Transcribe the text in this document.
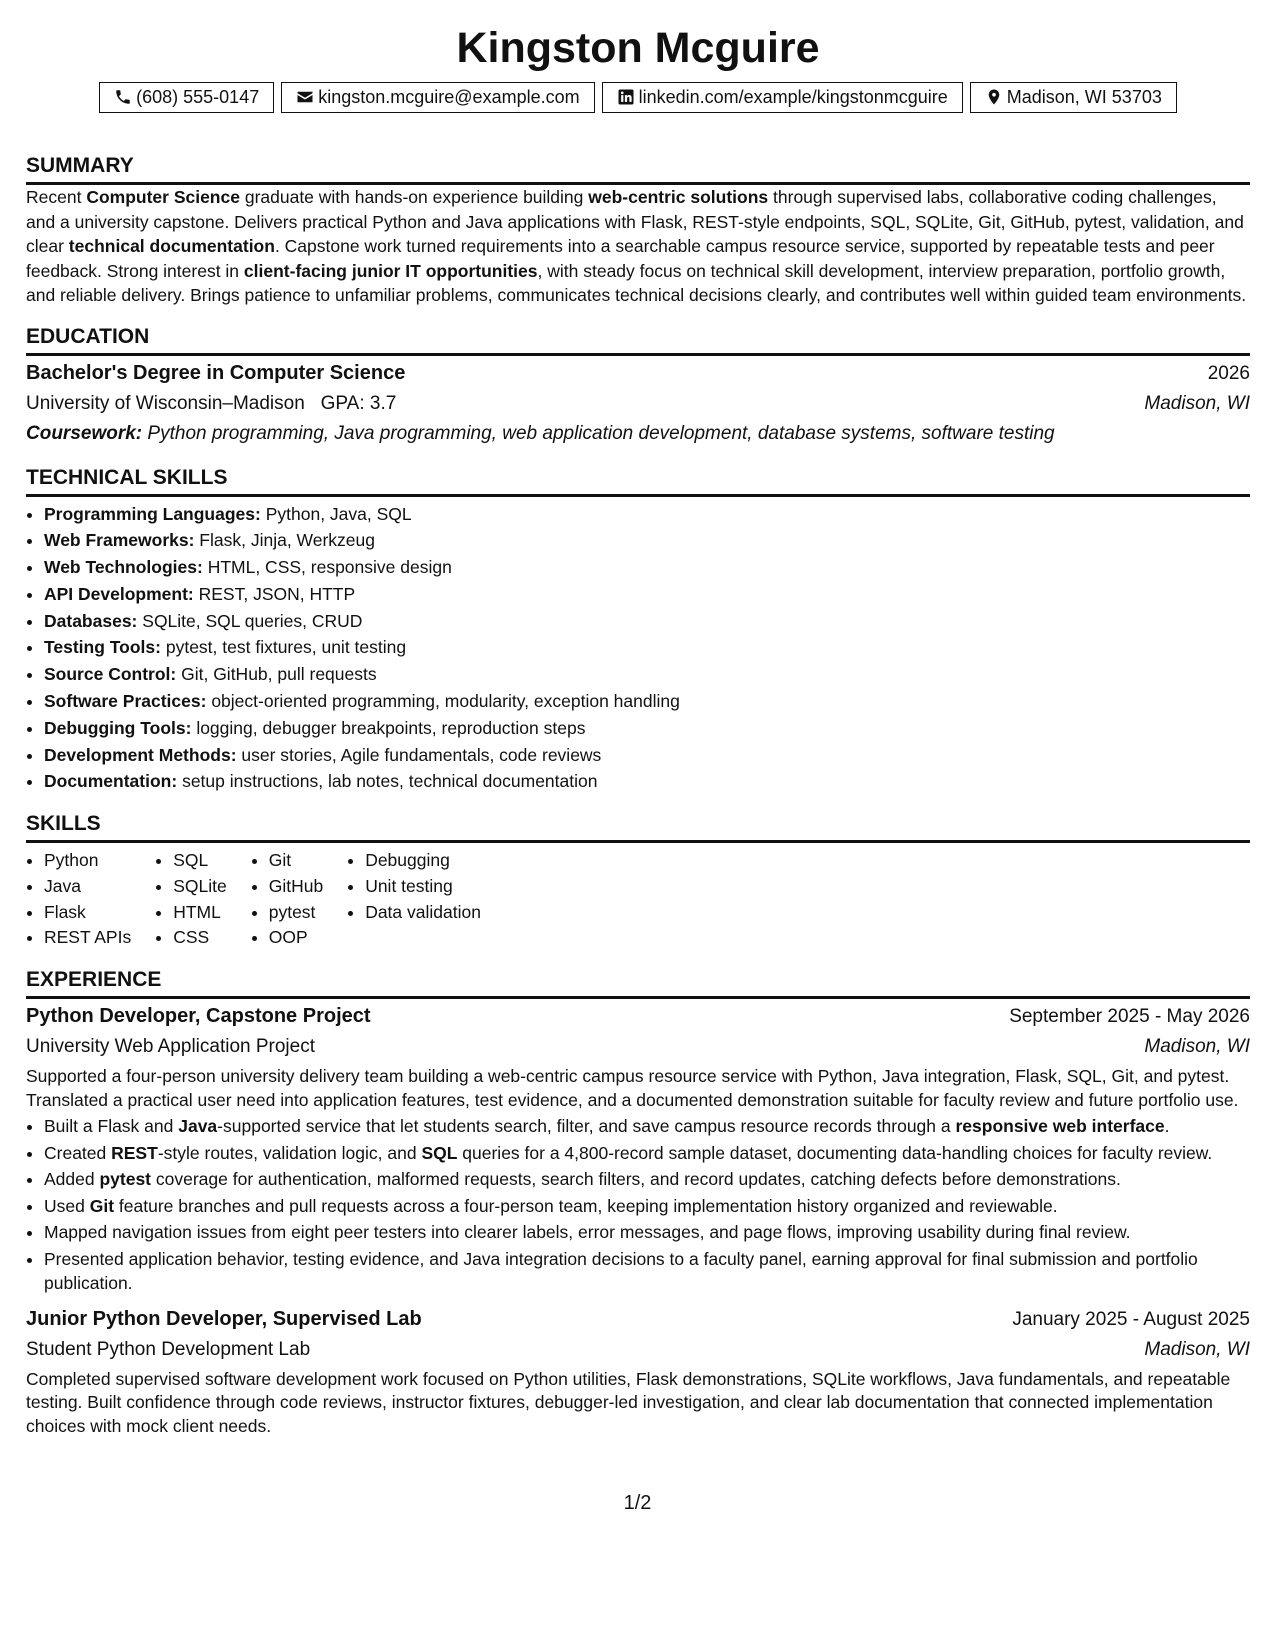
Kingston Mcguire
(608) 555-0147	kingston.mcguire@example.com	linkedin.com/example/kingstonmcguire	Madison, WI 53703
SUMMARY

Recent Computer Science graduate with hands-on experience building web-centric solutions through supervised labs, collaborative coding challenges, and a university capstone. Delivers practical Python and Java applications with Flask, REST-style endpoints, SQL, SQLite, Git, GitHub, pytest, validation, and clear technical documentation. Capstone work turned requirements into a searchable campus resource service, supported by repeatable tests and peer feedback. Strong interest in client-facing junior IT opportunities, with steady focus on technical skill development, interview preparation, portfolio growth, and reliable delivery. Brings patience to unfamiliar problems, communicates technical decisions clearly, and contributes well within guided team environments.

EDUCATION
Bachelor's Degree in Computer Science	2026
University of Wisconsin–Madison GPA: 3.7	Madison, WI
Coursework: Python programming, Java programming, web application development, database systems, software testing
TECHNICAL SKILLS
• Programming Languages: Python, Java, SQL
• Web Frameworks: Flask, Jinja, Werkzeug
• Web Technologies: HTML, CSS, responsive design
• API Development: REST, JSON, HTTP
• Databases: SQLite, SQL queries, CRUD
• Testing Tools: pytest, test fixtures, unit testing
• Source Control: Git, GitHub, pull requests
• Software Practices: object-oriented programming, modularity, exception handling
• Debugging Tools: logging, debugger breakpoints, reproduction steps
• Development Methods: user stories, Agile fundamentals, code reviews
• Documentation: setup instructions, lab notes, technical documentation
SKILLS
• Python
• Java
• Flask
• REST APIs
• SQL
• SQLite
• HTML
• CSS
• Git
• GitHub
• pytest
• OOP
• Debugging
• Unit testing
• Data validation
EXPERIENCE
Python Developer, Capstone Project	September 2025 - May 2026
University Web Application Project	Madison, WI

Supported a four-person university delivery team building a web-centric campus resource service with Python, Java integration, Flask, SQL, Git, and pytest. Translated a practical user need into application features, test evidence, and a documented demonstration suitable for faculty review and future portfolio use.

• Built a Flask and Java-supported service that let students search, filter, and save campus resource records through a responsive web interface.
• Created REST-style routes, validation logic, and SQL queries for a 4,800-record sample dataset, documenting data-handling choices for faculty review.
• Added pytest coverage for authentication, malformed requests, search filters, and record updates, catching defects before demonstrations.
• Used Git feature branches and pull requests across a four-person team, keeping implementation history organized and reviewable.
• Mapped navigation issues from eight peer testers into clearer labels, error messages, and page flows, improving usability during final review.
• Presented application behavior, testing evidence, and Java integration decisions to a faculty panel, earning approval for final submission and portfolio publication.
Junior Python Developer, Supervised Lab	January 2025 - August 2025
Student Python Development Lab	Madison, WI

Completed supervised software development work focused on Python utilities, Flask demonstrations, SQLite workflows, Java fundamentals, and repeatable testing. Built confidence through code reviews, instructor fixtures, debugger-led investigation, and clear lab documentation that connected implementation choices with mock client needs.

1/2
